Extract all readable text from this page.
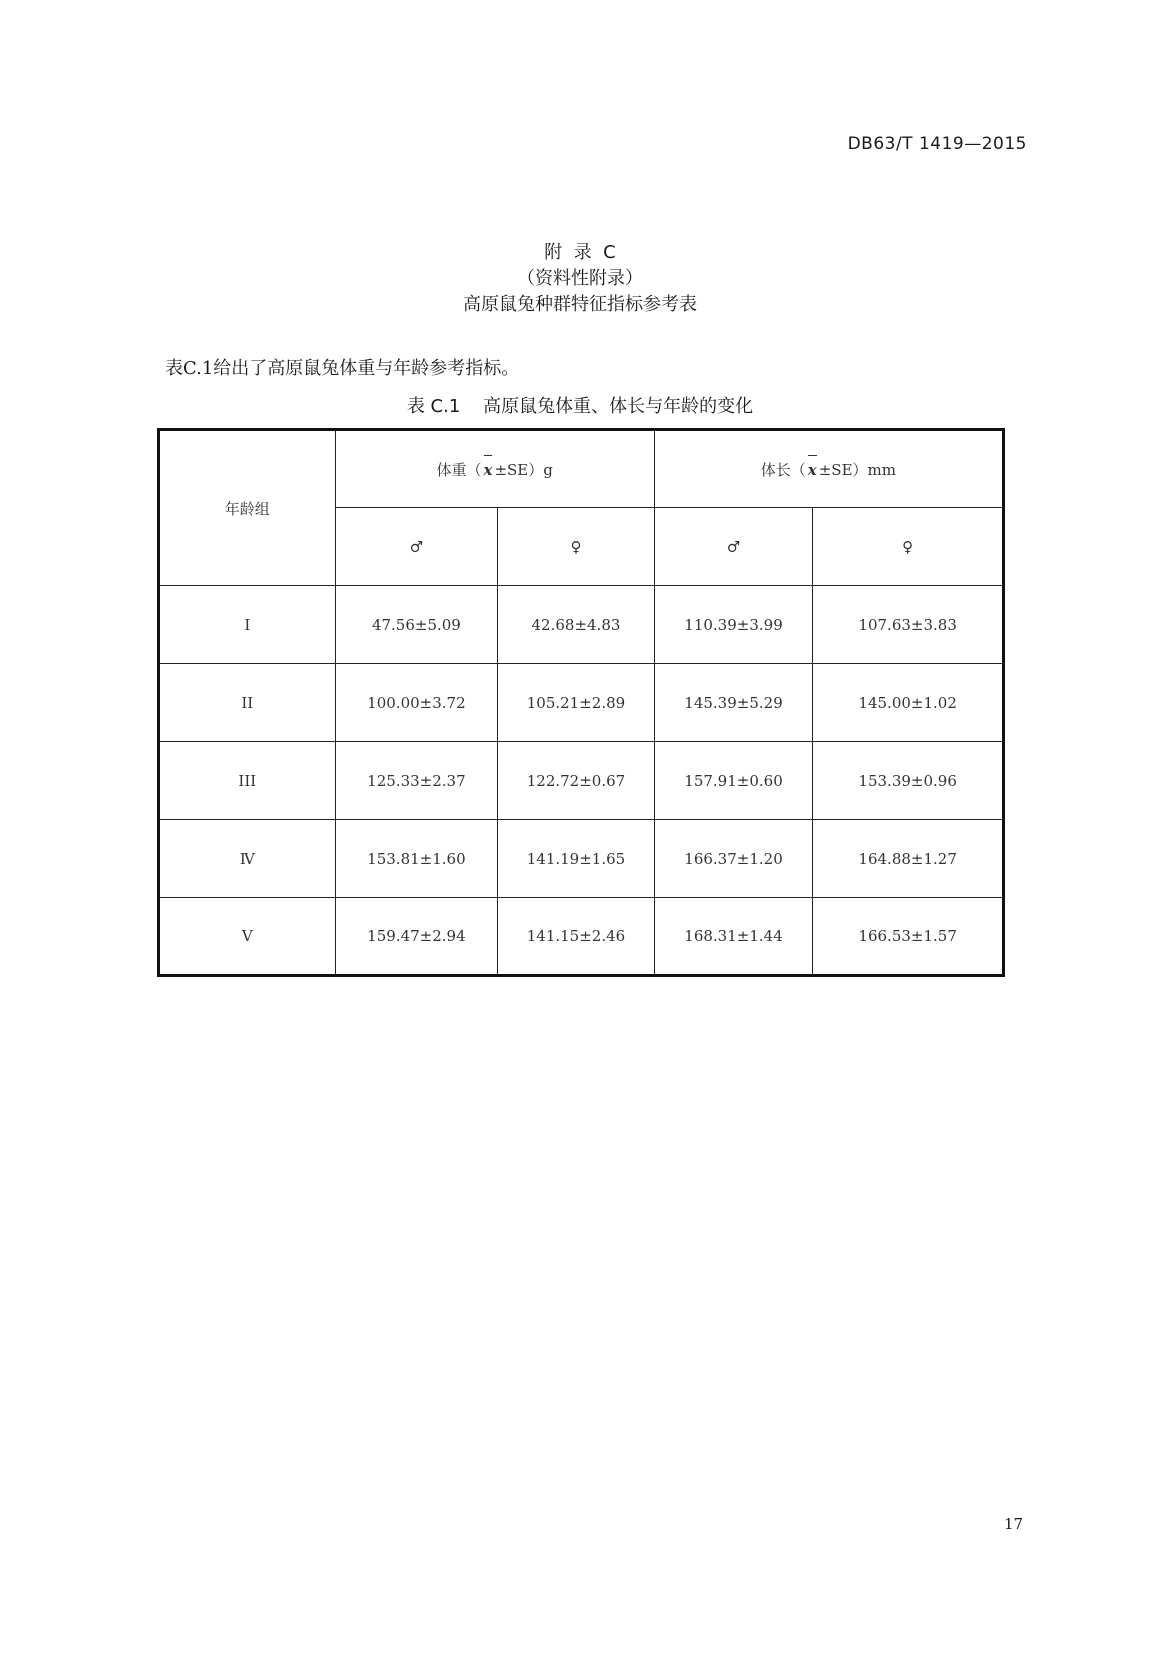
DB63/T 1419—2015
附  录  C
（资料性附录）
高原鼠兔种群特征指标参考表
表C.1给出了高原鼠兔体重与年龄参考指标。
表 C.1    高原鼠兔体重、体长与年龄的变化
年龄组	体重（ x ±SE）g		体长（ x ±SE）mm	
	♂	♀	♂	♀
I	47.56±5.09	42.68±4.83	110.39±3.99	107.63±3.83
II	100.00±3.72	105.21±2.89	145.39±5.29	145.00±1.02
III	125.33±2.37	122.72±0.67	157.91±0.60	153.39±0.96
Ⅳ	153.81±1.60	141.19±1.65	166.37±1.20	164.88±1.27
V	159.47±2.94	141.15±2.46	168.31±1.44	166.53±1.57
17
